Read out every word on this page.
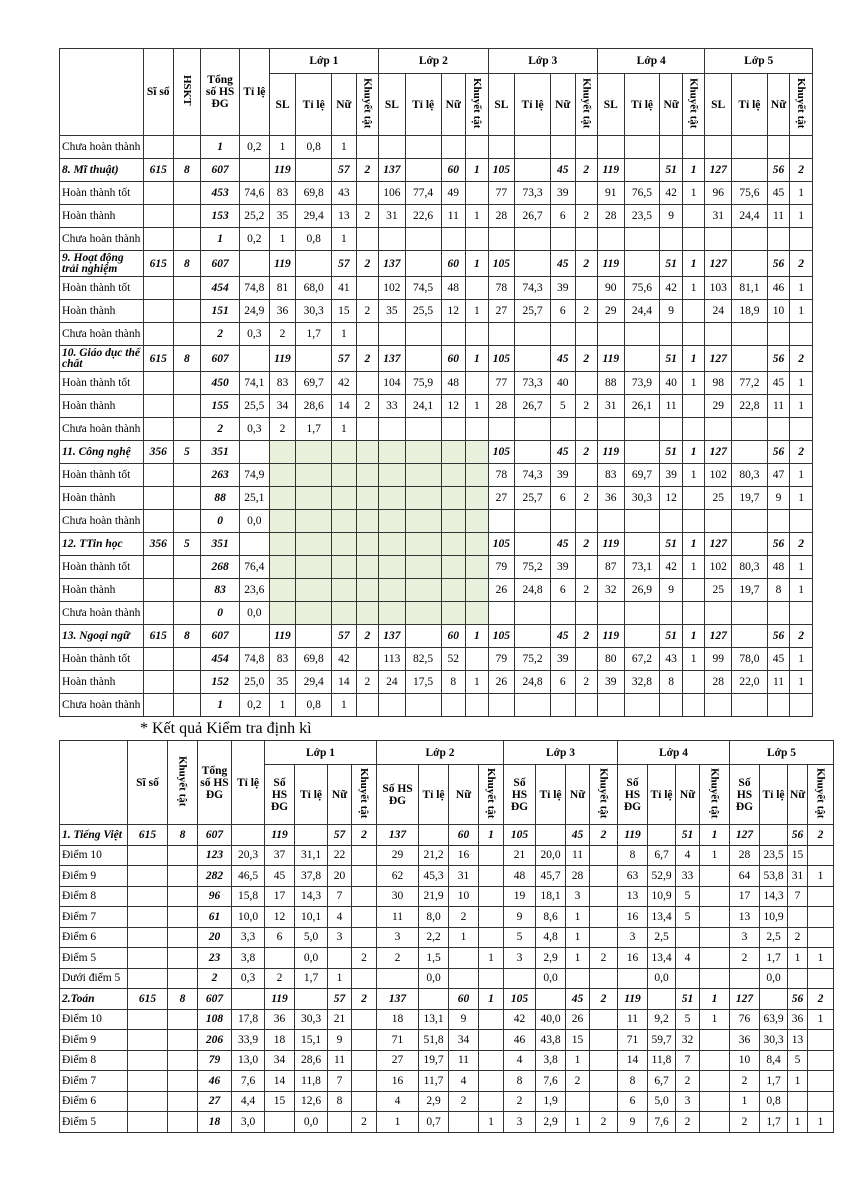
	Sĩ số	HSKT	Tổng số HS ĐG	Tỉ lệ	Lớp 1				Lớp 2				Lớp 3				Lớp 4				Lớp 5			
					SL	Tỉ lệ	Nữ	Khuyết tật	SL	Tỉ lệ	Nữ	Khuyết tật	SL	Tỉ lệ	Nữ	Khuyết tật	SL	Tỉ lệ	Nữ	Khuyết tật	SL	Tỉ lệ	Nữ	Khuyết tật
Chưa hoàn thành			1	0,2	1	0,8	1																	
8. Mĩ thuật)	615	8	607		119		57	2	137		60	1	105		45	2	119		51	1	127		56	2
Hoàn thành tốt			453	74,6	83	69,8	43		106	77,4	49		77	73,3	39		91	76,5	42	1	96	75,6	45	1
Hoàn thành			153	25,2	35	29,4	13	2	31	22,6	11	1	28	26,7	6	2	28	23,5	9		31	24,4	11	1
Chưa hoàn thành			1	0,2	1	0,8	1																	
9. Hoạt động trải nghiệm	615	8	607		119		57	2	137		60	1	105		45	2	119		51	1	127		56	2
Hoàn thành tốt			454	74,8	81	68,0	41		102	74,5	48		78	74,3	39		90	75,6	42	1	103	81,1	46	1
Hoàn thành			151	24,9	36	30,3	15	2	35	25,5	12	1	27	25,7	6	2	29	24,4	9		24	18,9	10	1
Chưa hoàn thành			2	0,3	2	1,7	1																	
10. Giáo dục thể chất	615	8	607		119		57	2	137		60	1	105		45	2	119		51	1	127		56	2
Hoàn thành tốt			450	74,1	83	69,7	42		104	75,9	48		77	73,3	40		88	73,9	40	1	98	77,2	45	1
Hoàn thành			155	25,5	34	28,6	14	2	33	24,1	12	1	28	26,7	5	2	31	26,1	11		29	22,8	11	1
Chưa hoàn thành			2	0,3	2	1,7	1																	
11. Công nghệ	356	5	351										105		45	2	119		51	1	127		56	2
Hoàn thành tốt			263	74,9									78	74,3	39		83	69,7	39	1	102	80,3	47	1
Hoàn thành			88	25,1									27	25,7	6	2	36	30,3	12		25	19,7	9	1
Chưa hoàn thành			0	0,0																				
12. TTin học	356	5	351										105		45	2	119		51	1	127		56	2
Hoàn thành tốt			268	76,4									79	75,2	39		87	73,1	42	1	102	80,3	48	1
Hoàn thành			83	23,6									26	24,8	6	2	32	26,9	9		25	19,7	8	1
Chưa hoàn thành			0	0,0																				
13. Ngoại ngữ	615	8	607		119		57	2	137		60	1	105		45	2	119		51	1	127		56	2
Hoàn thành tốt			454	74,8	83	69,8	42		113	82,5	52		79	75,2	39		80	67,2	43	1	99	78,0	45	1
Hoàn thành			152	25,0	35	29,4	14	2	24	17,5	8	1	26	24,8	6	2	39	32,8	8		28	22,0	11	1
Chưa hoàn thành			1	0,2	1	0,8	1																	
* Kết quả Kiểm tra định kì
	Sĩ số	Khuyết tật	Tổng số HS ĐG	Tỉ lệ	Lớp 1				Lớp 2				Lớp 3				Lớp 4				Lớp 5			
					Số HS ĐG	Tỉ lệ	Nữ	Khuyết tật	Số HS ĐG	Tỉ lệ	Nữ	Khuyết tật	Số HS ĐG	Tỉ lệ	Nữ	Khuyết tật	Số HS ĐG	Tỉ lệ	Nữ	Khuyết tật	Số HS ĐG	Tỉ lệ	Nữ	Khuyết tật
1. Tiếng Việt	615	8	607		119		57	2	137		60	1	105		45	2	119		51	1	127		56	2
Điểm 10			123	20,3	37	31,1	22		29	21,2	16		21	20,0	11		8	6,7	4	1	28	23,5	15	
Điểm 9			282	46,5	45	37,8	20		62	45,3	31		48	45,7	28		63	52,9	33		64	53,8	31	1
Điểm 8			96	15,8	17	14,3	7		30	21,9	10		19	18,1	3		13	10,9	5		17	14,3	7	
Điểm 7			61	10,0	12	10,1	4		11	8,0	2		9	8,6	1		16	13,4	5		13	10,9		
Điểm 6			20	3,3	6	5,0	3		3	2,2	1		5	4,8	1		3	2,5			3	2,5	2	
Điểm 5			23	3,8		0,0		2	2	1,5		1	3	2,9	1	2	16	13,4	4		2	1,7	1	1
Dưới điểm 5			2	0,3	2	1,7	1			0,0				0,0				0,0				0,0		
2.Toán	615	8	607		119		57	2	137		60	1	105		45	2	119		51	1	127		56	2
Điểm 10			108	17,8	36	30,3	21		18	13,1	9		42	40,0	26		11	9,2	5	1	76	63,9	36	1
Điểm 9			206	33,9	18	15,1	9		71	51,8	34		46	43,8	15		71	59,7	32		36	30,3	13	
Điểm 8			79	13,0	34	28,6	11		27	19,7	11		4	3,8	1		14	11,8	7		10	8,4	5	
Điểm 7			46	7,6	14	11,8	7		16	11,7	4		8	7,6	2		8	6,7	2		2	1,7	1	
Điểm 6			27	4,4	15	12,6	8		4	2,9	2		2	1,9			6	5,0	3		1	0,8		
Điểm 5			18	3,0		0,0		2	1	0,7		1	3	2,9	1	2	9	7,6	2		2	1,7	1	1
